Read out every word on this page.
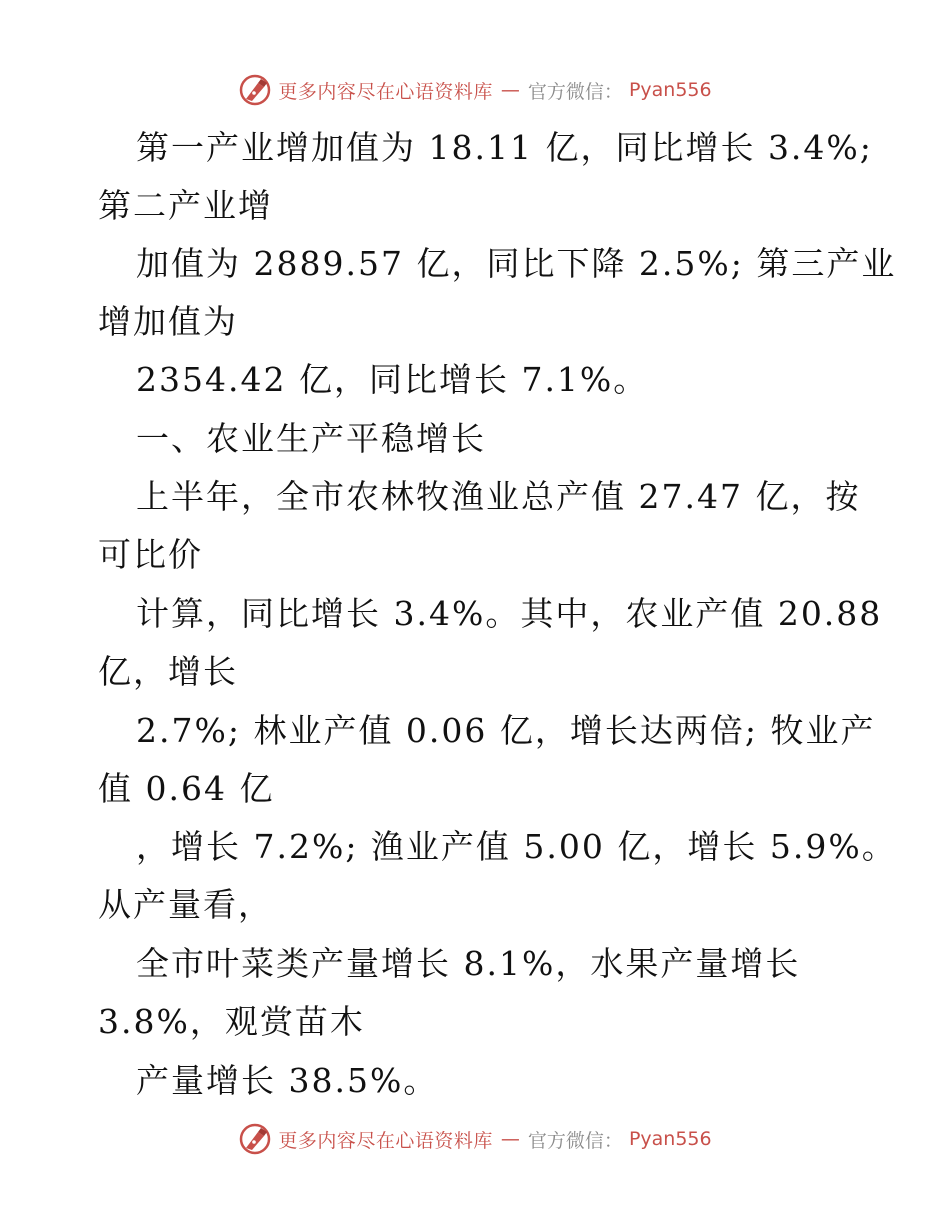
更多内容尽在心语资料库 — 官方微信： Pyan556
第一产业增加值为 18.11 亿，同比增长 3.4%;
第二产业增
加值为 2889.57 亿，同比下降 2.5%; 第三产业
增加值为
2354.42 亿，同比增长 7.1%。
一、农业生产平稳增长
上半年，全市农林牧渔业总产值 27.47 亿，按
可比价
计算，同比增长 3.4%。其中，农业产值 20.88
亿，增长
2.7%; 林业产值 0.06 亿，增长达两倍; 牧业产
值 0.64 亿
，增长 7.2%; 渔业产值 5.00 亿，增长 5.9%。
从产量看，
全市叶菜类产量增长 8.1%，水果产量增长
3.8%，观赏苗木
产量增长 38.5%。
更多内容尽在心语资料库 — 官方微信： Pyan556
